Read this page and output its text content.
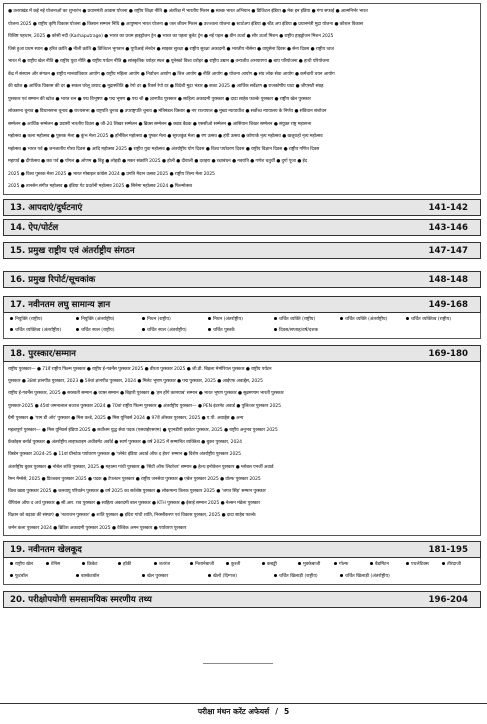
● उत्तराखंड में कई नई योजनाओं का शुभारंभ ● प्रधानमंत्री आवास योजना ● राष्ट्रीय शिक्षा नीति ● अंतरिक्ष में भारतीय मिशन ● स्वच्छ भारत अभियान ● डिजिटल इंडिया ● मेक इन इंडिया ● गंगा सफाई ● आत्मनिर्भर भारत
योजना 2025 ● राष्ट्रीय कृषि विकास योजना ● किसान सम्मान निधि ● आयुष्मान भारत योजना ● जल जीवन मिशन ● उज्ज्वला योजना ● स्टार्टअप इंडिया ● स्टैंड अप इंडिया ● प्रधानमंत्री मुद्रा योजना ● कौशल विकास
विशिष्ट पहचान, 2025 ● कोसी नदी (Karhaputrage) ● भारत का प्रथम हाइड्रोजन ट्रेन ● भारत का पहला बुलेट ट्रेन ● नई पहल ● ग्रीन ऊर्जा ● सौर ऊर्जा मिशन ● राष्ट्रीय हाइड्रोजन मिशन 2025
जिसे हुआ प्रथम स्थान ● हरित क्रांति ● नीली क्रांति ● डिजिटल भुगतान ● यूपीआई लेनदेन ● साइबर सुरक्षा ● राष्ट्रीय सुरक्षा अकादमी ● भारतीय नौसेना ● वायुसेना दिवस ● सेना दिवस ● राष्ट्रीय ध्वज
भारत में ● राष्ट्रीय खेल नीति ● राष्ट्रीय युवा नीति ● राष्ट्रीय पर्यटन नीति ● सांस्कृतिक धरोहर स्थल ● यूनेस्को विश्व धरोहर ● राष्ट्रीय उद्यान ● वन्यजीव अभयारण्य ● बाघ परियोजना ● हाथी परियोजना
केंद्र में संस्थान और संगठन ● राष्ट्रीय मानवाधिकार आयोग ● राष्ट्रीय महिला आयोग ● निर्वाचन आयोग ● वित्त आयोग ● नीति आयोग ● योजना आयोग ● संघ लोक सेवा आयोग ● कर्मचारी चयन आयोग
की खोज ● आर्थिक विकास की दर ● सकल घरेलू उत्पाद ● मुद्रास्फीति ● रेपो दर ● रिवर्स रेपो दर ● विदेशी मुद्रा भंडार ● बजट 2025 ● आर्थिक सर्वेक्षण ● राजकोषीय घाटा ● जीएसटी संग्रह
पुरस्कार एवं सम्मान की खोज ● भारत रत्न ● पद्म विभूषण ● पद्म भूषण ● पद्म श्री ● ज्ञानपीठ पुरस्कार ● साहित्य अकादमी पुरस्कार ● दादा साहेब फाल्के पुरस्कार ● राष्ट्रीय खेल पुरस्कार
लोकसभा चुनाव ● विधानसभा चुनाव ● राज्यसभा ● राष्ट्रपति चुनाव ● उपराष्ट्रपति चुनाव ● मंत्रिमंडल विस्तार ● नए राज्यपाल ● मुख्य न्यायाधीश ● सर्वोच्च न्यायालय के निर्णय ● संविधान संशोधन
सम्मेलन ● आर्थिक सम्मेलन ● प्रवासी भारतीय दिवस ● जी-20 शिखर सम्मेलन ● ब्रिक्स सम्मेलन ● क्वाड बैठक ● एससीओ सम्मेलन ● आसियान शिखर सम्मेलन ● संयुक्त राष्ट्र महासभा
महोत्सव ● कला महोत्सव ● पुस्तक मेला ● कुंभ मेला 2025 ● हॉर्नबिल महोत्सव ● पुष्कर मेला ● सूरजकुंड मेला ● रण उत्सव ● हंपी उत्सव ● कोणार्क नृत्य महोत्सव ● खजुराहो नृत्य महोत्सव
महोत्सव ● भारत पर्व ● जनजातीय गौरव दिवस ● आदि महोत्सव 2025 ● राष्ट्रीय युवा महोत्सव ● अंतर्राष्ट्रीय योग दिवस ● विश्व पर्यावरण दिवस ● राष्ट्रीय विज्ञान दिवस ● राष्ट्रीय गणित दिवस
महापर्व ● दीपोत्सव ● छठ पर्व ● पोंगल ● ओणम ● बिहू ● लोहड़ी ● मकर संक्रांति 2025 ● होली ● दीवाली ● दशहरा ● रक्षाबंधन ● नवरात्रि ● गणेश चतुर्थी ● दुर्गा पूजा ● ईद
2025 ● विश्व पुस्तक मेला 2025 ● भारत मोबाइल कांग्रेस 2024 ● प्रगति मैदान उत्सव 2025 ● राष्ट्रीय शिल्प मेला 2025
2025 ● तानसेन संगीत महोत्सव ● इंडिया गेट प्रदर्शनी महोत्सव 2025 ● सिनेमा महोत्सव 2024 ● फिल्मोत्सव
13. आपदाएं/दुर्घटनाएं	141-142
14. ऐप/पोर्टल	143-146
15. प्रमुख राष्ट्रीय एवं अंतर्राष्ट्रीय संगठन	147-147
16. प्रमुख रिपोर्ट/सूचकांक	148-148
17. नवीनतम लघु सामान्य ज्ञान	149-168
नियुक्ति (राष्ट्रीय)	नियुक्ति (अंतर्राष्ट्रीय)	निधन (राष्ट्रीय)	निधन (अंतर्राष्ट्रीय)	चर्चित व्यक्ति (राष्ट्रीय)	चर्चित व्यक्ति (अंतर्राष्ट्रीय)	चर्चित व्यक्तित्व (राष्ट्रीय)
चर्चित व्यक्तित्व (अंतर्राष्ट्रीय)	चर्चित स्थल (राष्ट्रीय)	चर्चित स्थल (अंतर्राष्ट्रीय)	चर्चित पुस्तकें	दिवस/सप्ताह/वर्ष/दशक
18. पुरस्कार/सम्मान	169-180
राष्ट्रीय पुरस्कार— ● 71वें राष्ट्रीय फिल्म पुरस्कार ● राष्ट्रीय ई-गवर्नेंस पुरस्कार 2025 ● वीरता पुरस्कार 2025 ● जी.डी. बिड़ला मेमोरियल पुरस्कार ● राष्ट्रीय पर्यटन
पुरस्कार ● 38वां ज्ञानपीठ पुरस्कार, 2023 ● 59वां ज्ञानपीठ पुरस्कार, 2024 ● मिलेट भूषण पुरस्कार ● पद्म पुरस्कार, 2025 ● आईएफ अवार्ड्स, 2025
राष्ट्रीय ई-गवर्नेंस पुरस्कार, 2025 ● सरस्वती सम्मान ● व्यास सम्मान ● बिहारी पुरस्कार ● 'हम होंगे कामयाब' सम्मान ● भारत भूषण पुरस्कार ● सुब्रमण्यम भारती पुरस्कार
पुरस्कार-2025 ● 45वां जमनालाल बजाज पुरस्कार 2024 ● 70वां राष्ट्रीय फिल्म पुरस्कार ● अंतर्राष्ट्रीय पुरस्कार— ● PEN इंटरनेट अवार्ड ● पुलित्जर पुरस्कार 2025
ग्रैमी पुरस्कार ● 'पाम डी ओर' पुरस्कार ● मिस वर्ल्ड, 2025 ● मिस यूनिवर्स 2024 ● 97वें ऑस्कर पुरस्कार, 2025 ● ए.पी. अवार्ड्स ● अन्य
महत्वपूर्ण पुरस्कार— ● मिस यूनिवर्स इंडिया 2025 ● सर्वोत्तम युद्ध सेवा पदक (एसवाईएसएम) ● यूएनडीपी इक्वेटर पुरस्कार, 2025 ● राष्ट्रीय अनुभव पुरस्कार 2025
फ्रेंकोइस बर्नार्ड पुरस्कार ● अंतर्राष्ट्रीय लाइफटाइम अचीवमेंट अवॉर्ड ● स्वर्ण पुरस्कार ● वर्ष 2025 में सम्मानित व्यक्तित्व ● बुकर पुरस्कार, 2024
विस्डेन पुरस्कार 2024-25 ● 11वां ग्रीनटेक पर्यावरण पुरस्कार ● 'प्लेनेट इंडिया अवार्ड ऑफ द ईयर' सम्मान ● विशेष अंतर्राष्ट्रीय पुरस्कार 2025
अंतर्राष्ट्रीय बुकर पुरस्कार ● नोबेल शांति पुरस्कार, 2025 ● महात्मा गांधी पुरस्कार ● 'सिटी ऑफ लिटरेचर' सम्मान ● हेल्थ इनोवेशन पुरस्कार ● ग्लोबल एनर्जी अवार्ड
रैमन मैग्सेसे, 2025 ● प्रित्जकर पुरस्कार 2025 ● पदक ● टेंपलटन पुरस्कार ● राष्ट्रीय जनसेवा पुरस्कार ● एबेल पुरस्कार 2025 ● वोल्फ पुरस्कार 2025
विश्व खाद्य पुरस्कार 2025 ● जलवायु परिवर्तन पुरस्कार ● वर्ष 2025 का सर्वश्रेष्ठ पुरस्कार ● लोकमान्य तिलक पुरस्कार 2025 ● 'जगत सिंह' सम्मान पुरस्कार
चैंपियंस ऑफ द अर्थ पुरस्कार ● सी.आर. राव पुरस्कार ● साहित्य अकादमी बाल पुरस्कार ● KTH पुरस्कार ● ईसाई सम्मान 2025 ● नेल्सन मंडेला पुरस्कार
विज्ञान को बढ़ावा की संस्थाएं ● 'नटराजन पुरस्कार' ● शांति पुरस्कार ● इंदिरा गांधी शांति, निरस्त्रीकरण एवं विकास पुरस्कार, 2025 ● दादा साहेब फाल्के
जर्मन कला पुरस्कार 2024 ● ब्रिटिश अकादमी पुरस्कार 2025 ● वैश्विक अमन पुरस्कार ● पर्यावरण पुरस्कार
19. नवीनतम खेलकूद	181-195
राष्ट्रीय खेल	टेनिस	क्रिकेट	हॉकी	शतरंज	निशानेबाजी	कुश्ती	कबड्डी	मुक्केबाजी	गोल्फ	बैडमिंटन	एथलेटिक्स	तीरंदाजी
फुटबॉल	बास्केटबॉल	खेल पुरस्कार	खेलों (दिग्गज)	चर्चित खिलाड़ी (राष्ट्रीय)	चर्चित खिलाड़ी (अंतर्राष्ट्रीय)
20. परीक्षोपयोगी समसामयिक स्मरणीय तथ्य	196-204
परीक्षा मंथन करेंट अफेयर्स / 5
